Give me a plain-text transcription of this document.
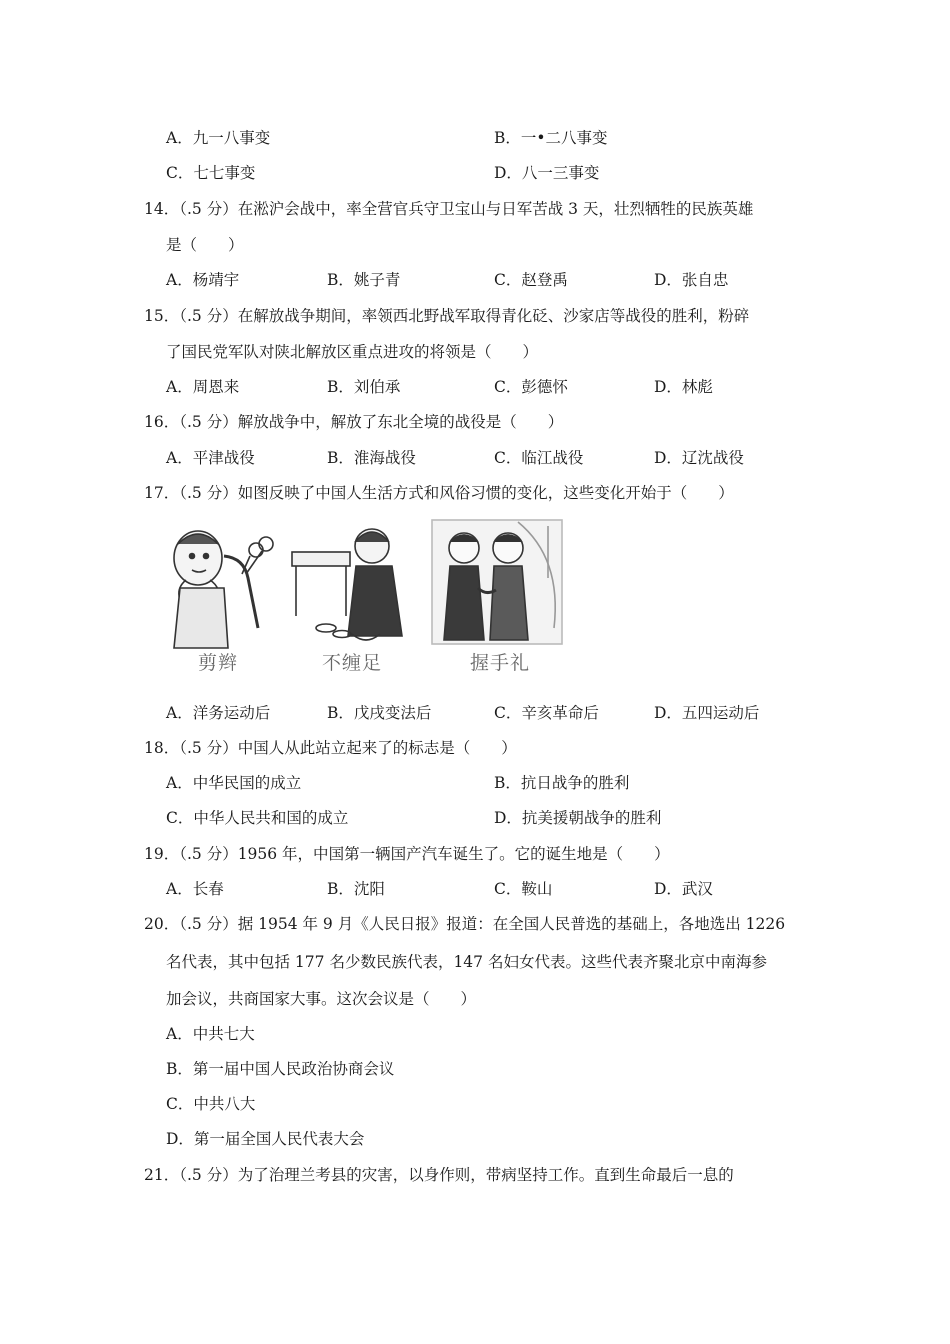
A．九一八事变	B．一•二八事变
C．七七事变	D．八一三事变
14．（.5 分）在淞沪会战中，率全营官兵守卫宝山与日军苦战 3 天，壮烈牺牲的民族英雄
是（　　）
A．杨靖宇	B．姚子青	C．赵登禹	D．张自忠
15．（.5 分）在解放战争期间，率领西北野战军取得青化砭、沙家店等战役的胜利，粉碎
了国民党军队对陕北解放区重点进攻的将领是（　　）
A．周恩来	B．刘伯承	C．彭德怀	D．林彪
16．（.5 分）解放战争中，解放了东北全境的战役是（　　）
A．平津战役	B．淮海战役	C．临江战役	D．辽沈战役
17．（.5 分）如图反映了中国人生活方式和风俗习惯的变化，这些变化开始于（　　）
剪辫	不缠足	握手礼
A．洋务运动后	B．戊戌变法后	C．辛亥革命后	D．五四运动后
18．（.5 分）中国人从此站立起来了的标志是（　　）
A．中华民国的成立	B．抗日战争的胜利
C．中华人民共和国的成立	D．抗美援朝战争的胜利
19．（.5 分）1956 年，中国第一辆国产汽车诞生了。它的诞生地是（　　）
A．长春	B．沈阳	C．鞍山	D．武汉
20．（.5 分）据 1954 年 9 月《人民日报》报道：在全国人民普选的基础上，各地选出 1226
名代表，其中包括 177 名少数民族代表，147 名妇女代表。这些代表齐聚北京中南海参
加会议，共商国家大事。这次会议是（　　）
A．中共七大
B．第一届中国人民政治协商会议
C．中共八大
D．第一届全国人民代表大会
21．（.5 分）为了治理兰考县的灾害，以身作则，带病坚持工作。直到生命最后一息的
